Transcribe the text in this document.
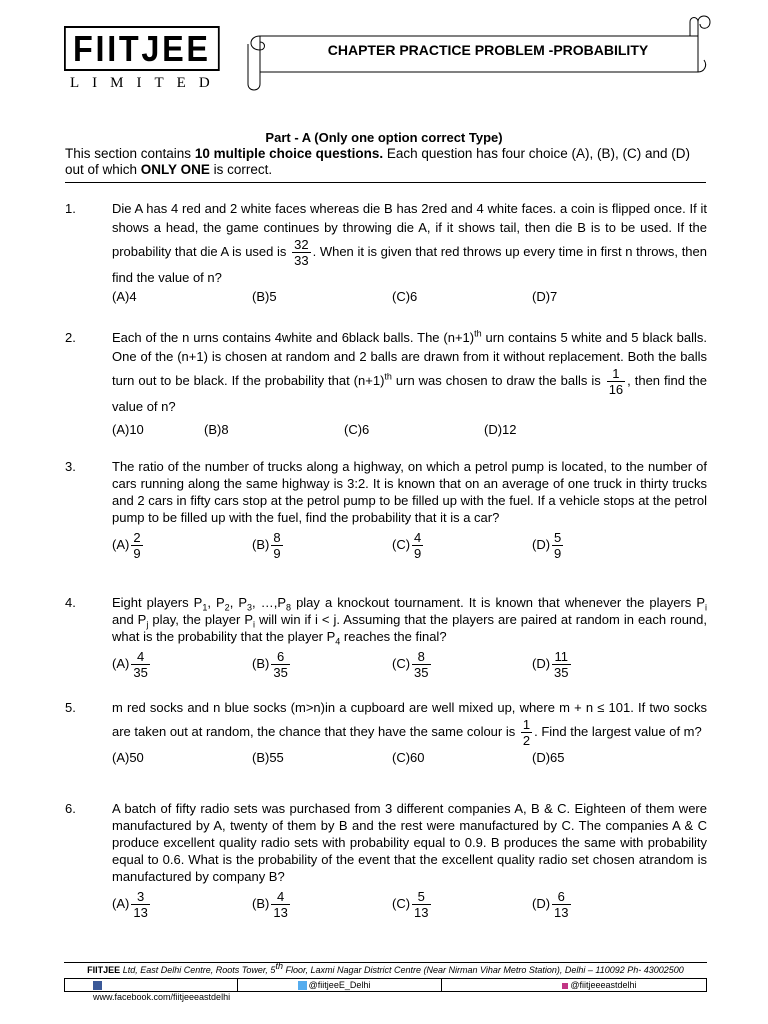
FIITJEE
LIMITED
CHAPTER PRACTICE PROBLEM -PROBABILITY
Part - A (Only one option correct Type)
This section contains 10 multiple choice questions. Each question has four choice (A), (B), (C) and (D) out of which ONLY ONE is correct.
1.	Die A has 4 red and 2 white faces whereas die B has 2red and 4 white faces. a coin is flipped once. If it shows a head, the game continues by throwing die A, if it shows tail, then die B is to be used. If the probability that die A is used is $\frac{32}{33}$ . When it is given that red throws up every time in first n throws, then find the value of n?
(A)4	(B)5	(C)6	(D)7
2.	Each of the n urns contains 4white and 6black balls. The $(n+1)^{th}$ urn contains 5 white and 5 black balls. One of the (n+1) is chosen at random and 2 balls are drawn from it without replacement. Both the balls turn out to be black. If the probability that $(n+1)^{th}$ urn was chosen to draw the balls is $\frac{1}{16}$ , then find the value of n?
(A)10	(B)8	(C)6	(D)12
3.	The ratio of the number of trucks along a highway, on which a petrol pump is located, to the number of cars running along the same highway is 3:2. It is known that on an average of one truck in thirty trucks and 2 cars in fifty cars stop at the petrol pump to be filled up with the fuel. If a vehicle stops at the petrol pump to be filled up with the fuel, find the probability that it is a car?
$(A) \frac{2}{9}$	$(B) \frac{8}{9}$	$(C) \frac{4}{9}$	$(D) \frac{5}{9}$
4.	Eight players $P_1$, $P_2$, $P_3$, $\dots,P_8$ play a knockout tournament. It is known that whenever the players $P_i$ and $P_j$ play, the player $P_i$ will win if i < j. Assuming that the players are paired at random in each round, what is the probability that the player $P_4$ reaches the final?
$(A) \frac{4}{35}$	$(B) \frac{6}{35}$	$(C) \frac{8}{35}$	$(D) \frac{11}{35}$
5.	m red socks and n blue socks (m>n)in a cupboard are well mixed up, where m + n ≤ 101. If two socks are taken out at random, the chance that they have the same colour is $\frac{1}{2}$ . Find the largest value of m?
(A)50	(B)55	(C)60	(D)65
6.	A batch of fifty radio sets was purchased from 3 different companies A, B & C. Eighteen of them were manufactured by A, twenty of them by B and the rest were manufactured by C. The companies A & C produce excellent quality radio sets with probability equal to 0.9. B produces the same with probability equal to 0.6. What is the probability of the event that the excellent quality radio set chosen atrandom is manufactured by company B?
$(A) \frac{3}{13}$	$(B) \frac{4}{13}$	$(C) \frac{5}{13}$	$(D) \frac{6}{13}$
FIITJEE Ltd, East Delhi Centre, Roots Tower, 5th Floor, Laxmi Nagar District Centre (Near Nirman Vihar Metro Station), Delhi – 110092 Ph- 43002500
www.facebook.com/fiitjeeeastdelhi
@fiitjeeE_Delhi	@fiitjeeeastdelhi
